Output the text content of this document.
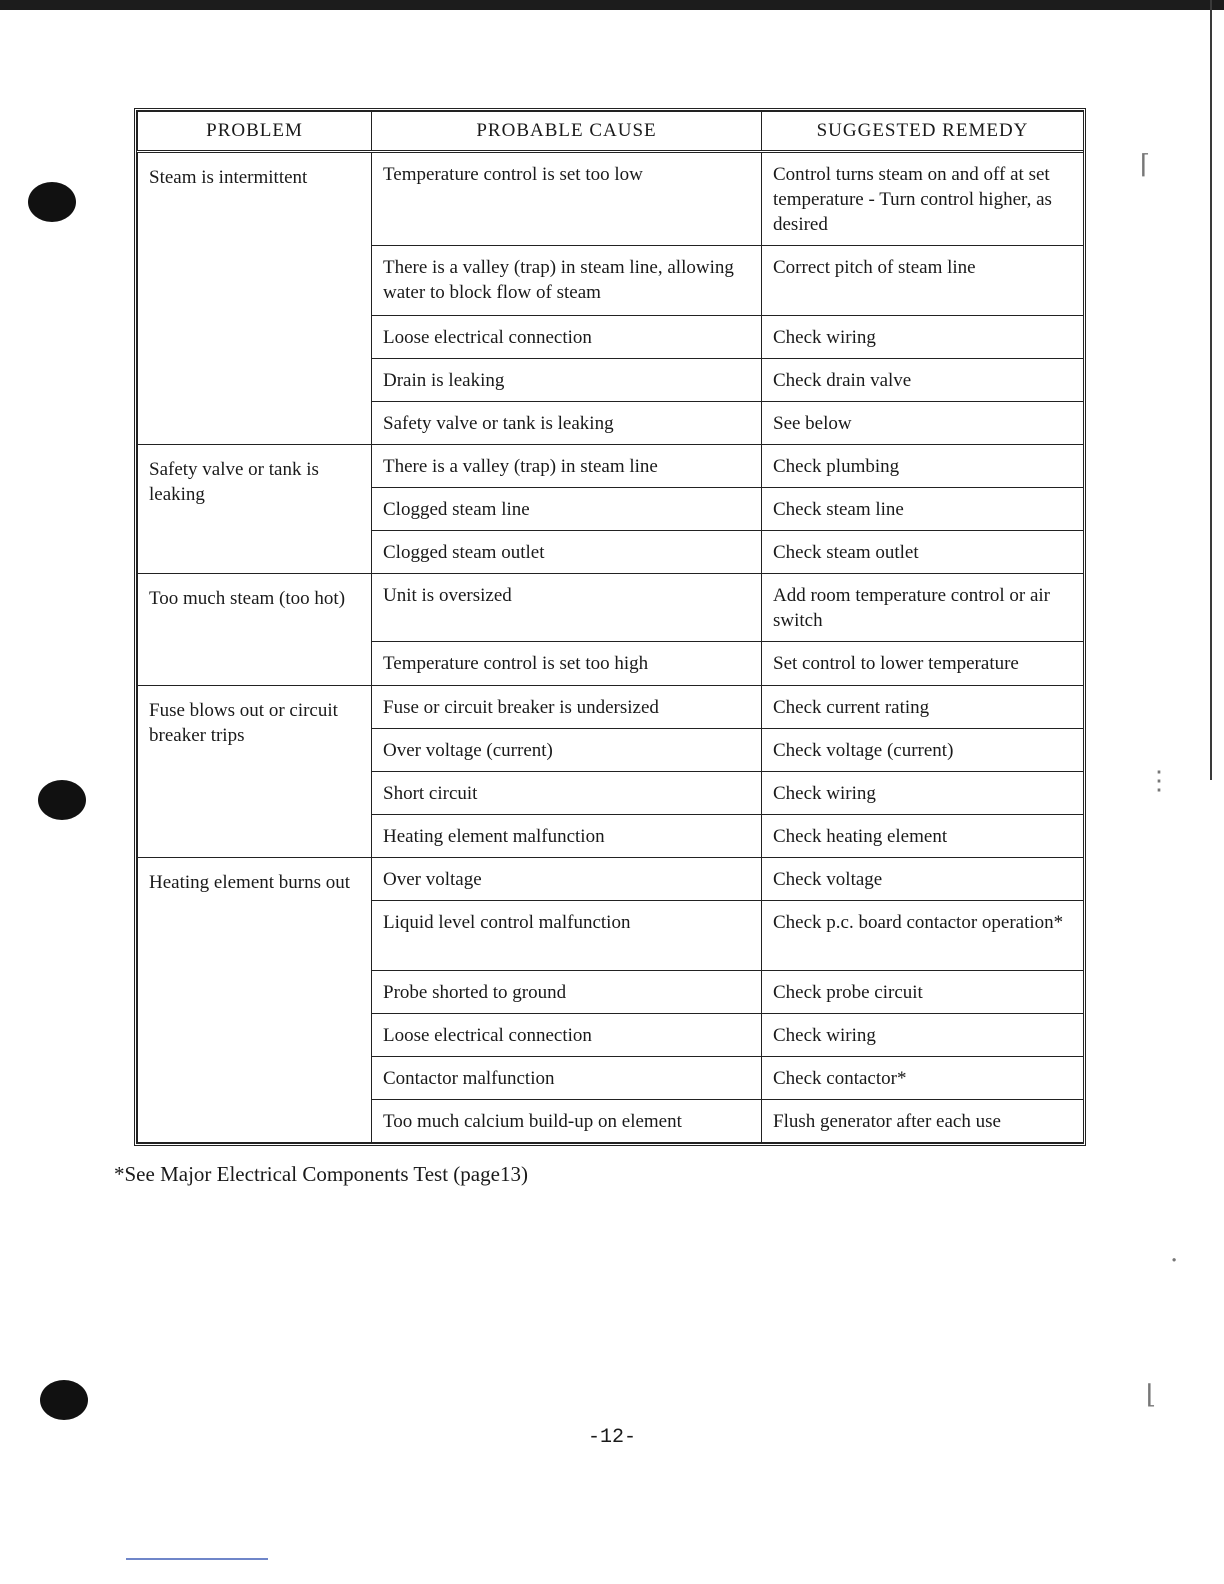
⌈
⋮
·
⌊
PROBLEM	PROBABLE CAUSE	SUGGESTED REMEDY
Steam is intermittent	Temperature control is set too low	Control turns steam on and off at set temperature - Turn control higher, as desired
	There is a valley (trap) in steam line, allowing water to block flow of steam	Correct pitch of steam line
	Loose electrical connection	Check wiring
	Drain is leaking	Check drain valve
	Safety valve or tank is leaking	See below
Safety valve or tank is leaking	There is a valley (trap) in steam line	Check plumbing
	Clogged steam line	Check steam line
	Clogged steam outlet	Check steam outlet
Too much steam (too hot)	Unit is oversized	Add room temperature control or air switch
	Temperature control is set too high	Set control to lower temperature
Fuse blows out or circuit breaker trips	Fuse or circuit breaker is undersized	Check current rating
	Over voltage (current)	Check voltage (current)
	Short circuit	Check wiring
	Heating element malfunction	Check heating element
Heating element burns out	Over voltage	Check voltage
	Liquid level control malfunction	Check p.c. board contactor operation*
	Probe shorted to ground	Check probe circuit
	Loose electrical connection	Check wiring
	Contactor malfunction	Check contactor*
	Too much calcium build-up on element	Flush generator after each use
*See Major Electrical Components Test (page13)
-12-
